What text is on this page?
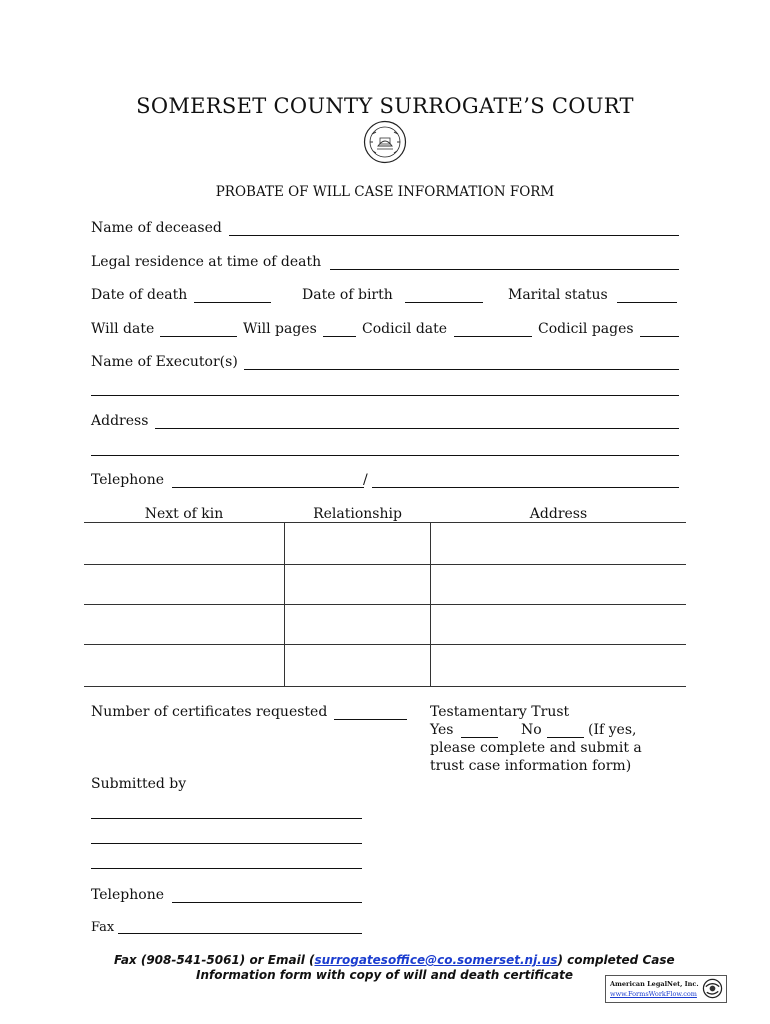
SOMERSET COUNTY SURROGATE’S COURT
PROBATE OF WILL CASE INFORMATION FORM
Name of deceased
Legal residence at time of death
Date of death	Date of birth	Marital status
Will date	Will pages	Codicil date	Codicil pages
Name of Executor(s)
Address
Telephone	/
Next of kin	Relationship	Address
Number of certificates requested	Testamentary Trust
Yes	No	(If yes,
please complete and submit a
trust case information form)
Submitted by
Telephone
Fax
Fax (908-541-5061) or Email (surrogatesoffice@co.somerset.nj.us) completed Case
Information form with copy of will and death certificate
American LegalNet, Inc.
www.FormsWorkFlow.com
